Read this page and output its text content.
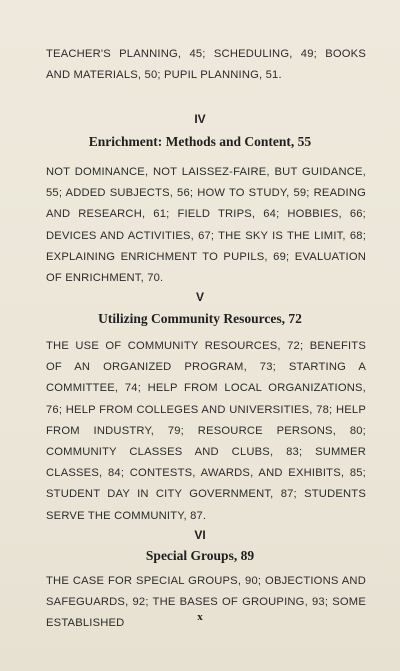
TEACHER'S PLANNING, 45; SCHEDULING, 49; BOOKS AND MATERIALS, 50; PUPIL PLANNING, 51.

IV

Enrichment: Methods and Content, 55

NOT DOMINANCE, NOT LAISSEZ-FAIRE, BUT GUIDANCE, 55; ADDED SUBJECTS, 56; HOW TO STUDY, 59; READING AND RESEARCH, 61; FIELD TRIPS, 64; HOBBIES, 66; DEVICES AND ACTIVITIES, 67; THE SKY IS THE LIMIT, 68; EXPLAINING ENRICHMENT TO PUPILS, 69; EVALUATION OF ENRICHMENT, 70.

V

Utilizing Community Resources, 72

THE USE OF COMMUNITY RESOURCES, 72; BENEFITS OF AN ORGANIZED PROGRAM, 73; STARTING A COMMITTEE, 74; HELP FROM LOCAL ORGANIZATIONS, 76; HELP FROM COLLEGES AND UNIVERSITIES, 78; HELP FROM INDUSTRY, 79; RESOURCE PERSONS, 80; COMMUNITY CLASSES AND CLUBS, 83; SUMMER CLASSES, 84; CONTESTS, AWARDS, AND EXHIBITS, 85; STUDENT DAY IN CITY GOVERNMENT, 87; STUDENTS SERVE THE COMMUNITY, 87.

VI

Special Groups, 89

THE CASE FOR SPECIAL GROUPS, 90; OBJECTIONS AND SAFEGUARDS, 92; THE BASES OF GROUPING, 93; SOME ESTABLISHED

x
